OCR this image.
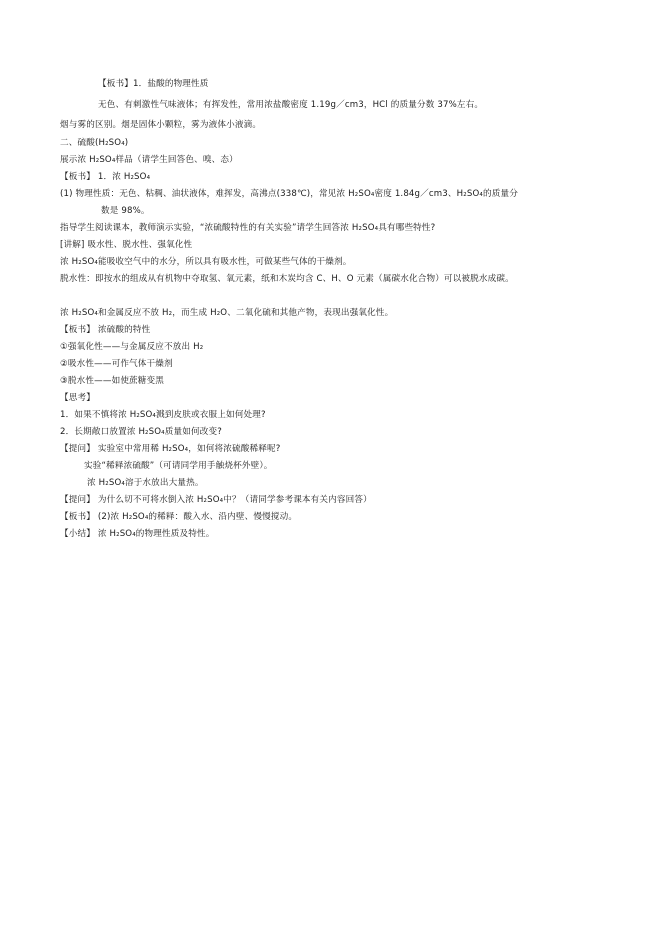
【板书】1．盐酸的物理性质
无色、有刺激性气味液体；有挥发性，常用浓盐酸密度 1.19g／cm3，HCl 的质量分数 37%左右。
烟与雾的区别。烟是固体小颗粒，雾为液体小液滴。
二、硫酸(H₂SO₄)
展示浓 H₂SO₄样品（请学生回答色、嗅、态）
【板书】 1．浓 H₂SO₄
(1) 物理性质：无色、粘稠、油状液体，难挥发，高沸点(338℃)，常见浓 H₂SO₄密度 1.84g／cm3、H₂SO₄的质量分
数是 98%。
指导学生阅读课本，教师演示实验，“浓硫酸特性的有关实验”请学生回答浓 H₂SO₄具有哪些特性?
[讲解] 吸水性、脱水性、强氧化性
浓 H₂SO₄能吸收空气中的水分，所以具有吸水性，可做某些气体的干燥剂。
脱水性：即按水的组成从有机物中夺取氢、氧元素，纸和木炭均含 C、H、O 元素（属碳水化合物）可以被脱水成碳。
浓 H₂SO₄和金属反应不放 H₂，而生成 H₂O、二氧化硫和其他产物，表现出强氧化性。
【板书】 浓硫酸的特性
①强氧化性——与金属反应不放出 H₂
②吸水性——可作气体干燥剂
③脱水性——如使蔗糖变黑
【思考】
1．如果不慎将浓 H₂SO₄溅到皮肤或衣服上如何处理?
2．长期敞口放置浓 H₂SO₄质量如何改变?
【提问】 实验室中常用稀 H₂SO₄，如何将浓硫酸稀释呢?
实验“稀释浓硫酸”（可请同学用手触烧杯外壁）。
浓 H₂SO₄溶于水放出大量热。
【提问】 为什么切不可将水倒入浓 H₂SO₄中？（请同学参考课本有关内容回答）
【板书】 (2)浓 H₂SO₄的稀释：酸入水、沿内壁、慢慢搅动。
【小结】 浓 H₂SO₄的物理性质及特性。
